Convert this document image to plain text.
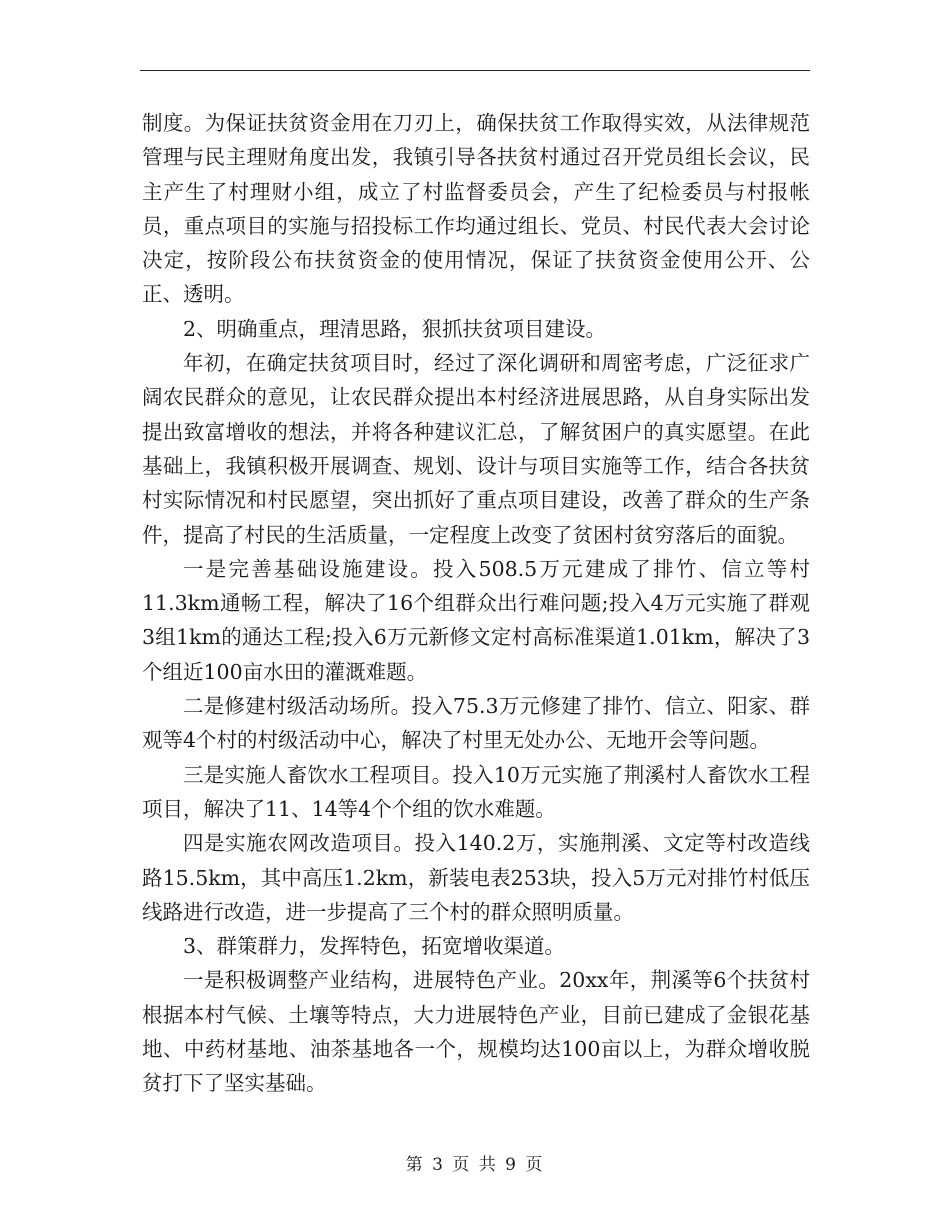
制度。为保证扶贫资金用在刀刃上，确保扶贫工作取得实效，从法律规范管理与民主理财角度出发，我镇引导各扶贫村通过召开党员组长会议，民主产生了村理财小组，成立了村监督委员会，产生了纪检委员与村报帐员，重点项目的实施与招投标工作均通过组长、党员、村民代表大会讨论决定，按阶段公布扶贫资金的使用情况，保证了扶贫资金使用公开、公正、透明。

2、明确重点，理清思路，狠抓扶贫项目建设。

年初，在确定扶贫项目时，经过了深化调研和周密考虑，广泛征求广阔农民群众的意见，让农民群众提出本村经济进展思路，从自身实际出发提出致富增收的想法，并将各种建议汇总，了解贫困户的真实愿望。在此基础上，我镇积极开展调查、规划、设计与项目实施等工作，结合各扶贫村实际情况和村民愿望，突出抓好了重点项目建设，改善了群众的生产条件，提高了村民的生活质量，一定程度上改变了贫困村贫穷落后的面貌。

一是完善基础设施建设。投入508.5万元建成了排竹、信立等村11.3km通畅工程，解决了16个组群众出行难问题;投入4万元实施了群观3组1km的通达工程;投入6万元新修文定村高标准渠道1.01km，解决了3个组近100亩水田的灌溉难题。

二是修建村级活动场所。投入75.3万元修建了排竹、信立、阳家、群观等4个村的村级活动中心，解决了村里无处办公、无地开会等问题。

三是实施人畜饮水工程项目。投入10万元实施了荆溪村人畜饮水工程项目，解决了11、14等4个个组的饮水难题。

四是实施农网改造项目。投入140.2万，实施荆溪、文定等村改造线路15.5km，其中高压1.2km，新装电表253块，投入5万元对排竹村低压线路进行改造，进一步提高了三个村的群众照明质量。

3、群策群力，发挥特色，拓宽增收渠道。

一是积极调整产业结构，进展特色产业。20xx年，荆溪等6个扶贫村根据本村气候、土壤等特点，大力进展特色产业，目前已建成了金银花基地、中药材基地、油茶基地各一个，规模均达100亩以上，为群众增收脱贫打下了坚实基础。

第 3 页 共 9 页
